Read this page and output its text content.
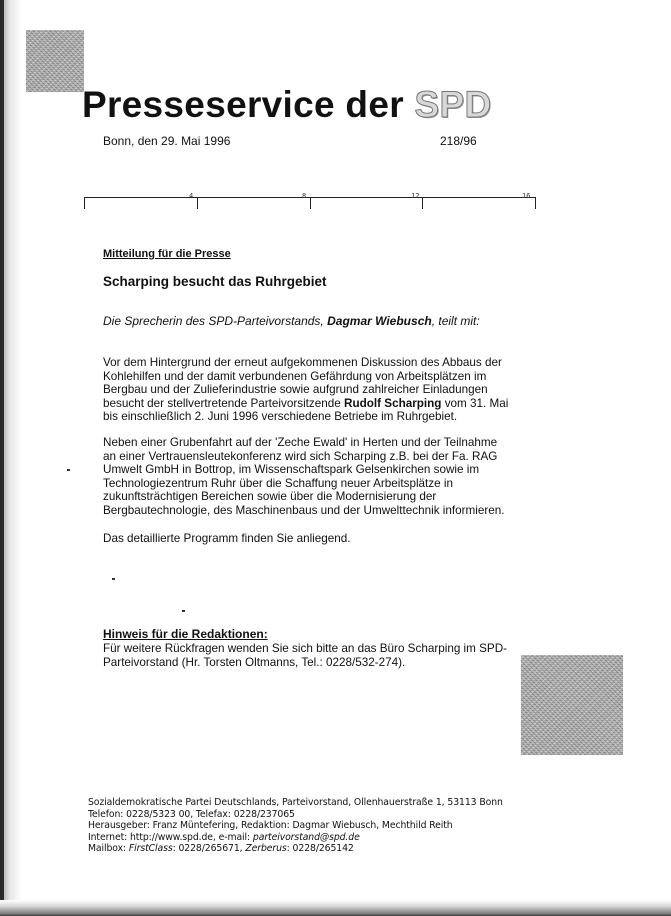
Presseservice der SPD
Bonn, den 29. Mai 1996	218/96
4	8	12	16
Mitteilung für die Presse
Scharping besucht das Ruhrgebiet
Die Sprecherin des SPD-Parteivorstands, Dagmar Wiebusch, teilt mit:

Vor dem Hintergrund der erneut aufgekommenen Diskussion des Abbaus der

Kohlehilfen und der damit verbundenen Gefährdung von Arbeitsplätzen im

Bergbau und der Zulieferindustrie sowie aufgrund zahlreicher Einladungen

besucht der stellvertretende Parteivorsitzende Rudolf Scharping vom 31. Mai

bis einschließlich 2. Juni 1996 verschiedene Betriebe im Ruhrgebiet.

Neben einer Grubenfahrt auf der 'Zeche Ewald' in Herten und der Teilnahme

an einer Vertrauensleutekonferenz wird sich Scharping z.B. bei der Fa. RAG

Umwelt GmbH in Bottrop, im Wissenschaftspark Gelsenkirchen sowie im

Technologiezentrum Ruhr über die Schaffung neuer Arbeitsplätze in

zukunftsträchtigen Bereichen sowie über die Modernisierung der

Bergbautechnologie, des Maschinenbaus und der Umwelttechnik informieren.

Das detaillierte Programm finden Sie anliegend.

Hinweis für die Redaktionen:

Für weitere Rückfragen wenden Sie sich bitte an das Büro Scharping im SPD-

Parteivorstand (Hr. Torsten Oltmanns, Tel.: 0228/532-274).

Sozialdemokratische Partei Deutschlands, Parteivorstand, Ollenhauerstraße 1, 53113 Bonn

Telefon: 0228/5323 00, Telefax: 0228/237065

Herausgeber: Franz Müntefering, Redaktion: Dagmar Wiebusch, Mechthild Reith

Internet: http://www.spd.de, e-mail: parteivorstand@spd.de

Mailbox: FirstClass: 0228/265671, Zerberus: 0228/265142
